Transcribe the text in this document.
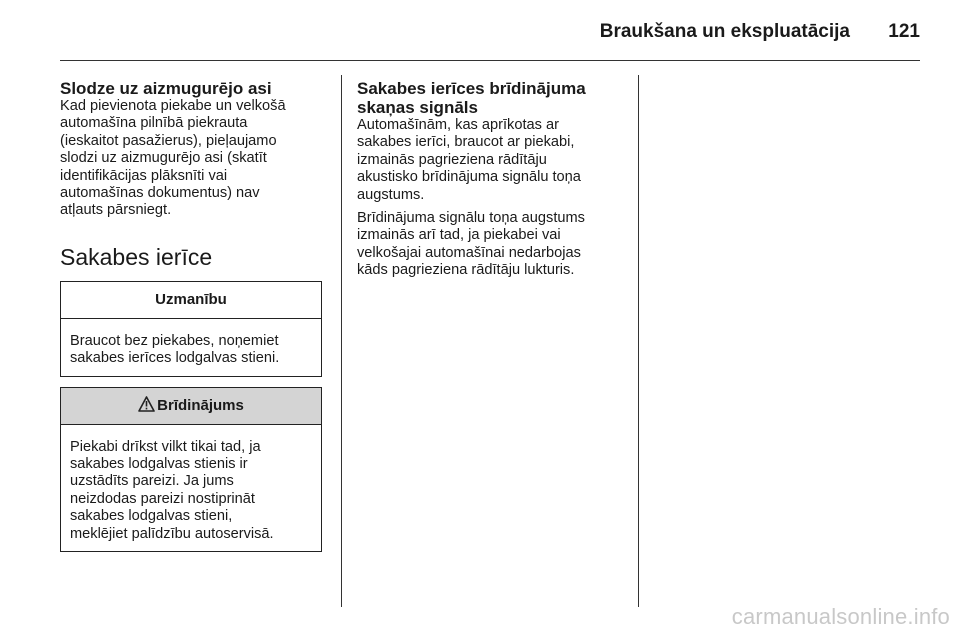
Braukšana un ekspluatācija	121

Slodze uz aizmugurējo asi

Kad pievienota piekabe un velkošā
automašīna pilnībā piekrauta
(ieskaitot pasažierus), pieļaujamo
slodzi uz aizmugurējo asi (skatīt
identifikācijas plāksnīti vai
automašīnas dokumentus) nav
atļauts pārsniegt.

Sakabes ierīce
Uzmanību
Braucot bez piekabes, noņemiet
sakabes ierīces lodgalvas stieni.
Brīdinājums
Piekabi drīkst vilkt tikai tad, ja
sakabes lodgalvas stienis ir
uzstādīts pareizi. Ja jums
neizdodas pareizi nostiprināt
sakabes lodgalvas stieni,
meklējiet palīdzību autoservisā.

Sakabes ierīces brīdinājuma
skaņas signāls

Automašīnām, kas aprīkotas ar
sakabes ierīci, braucot ar piekabi,
izmainās pagrieziena rādītāju
akustisko brīdinājuma signālu toņa
augstums.

Brīdinājuma signālu toņa augstums
izmainās arī tad, ja piekabei vai
velkošajai automašīnai nedarbojas
kāds pagrieziena rādītāju lukturis.

carmanualsonline.info
